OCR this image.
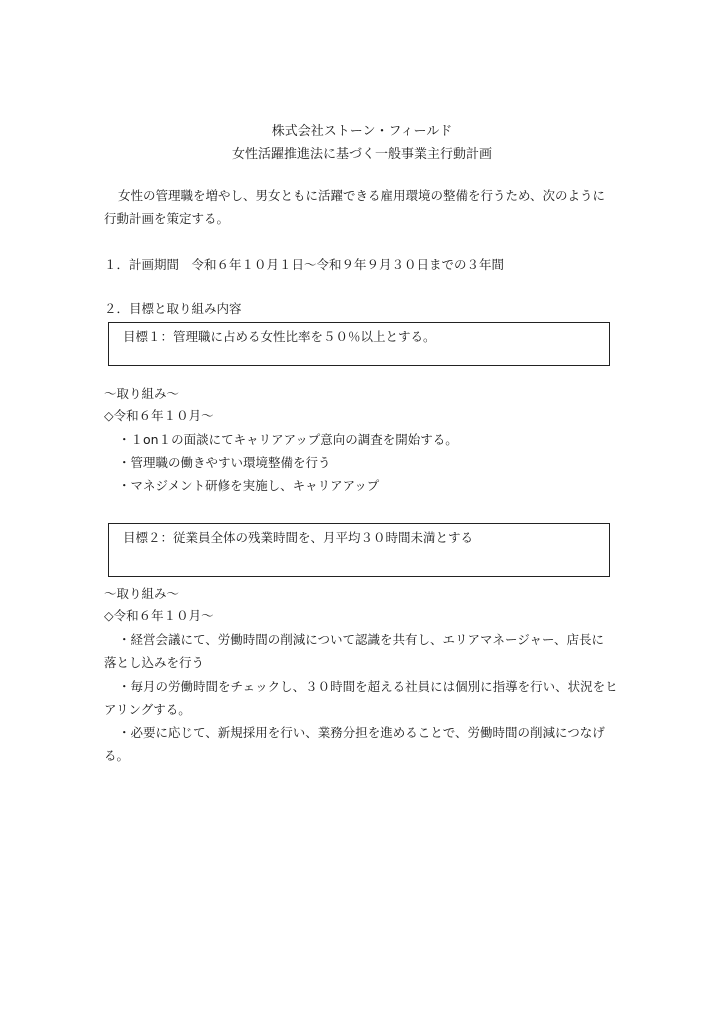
株式会社ストーン・フィールド
女性活躍推進法に基づく一般事業主行動計画
女性の管理職を増やし、男女ともに活躍できる雇用環境の整備を行うため、次のように
行動計画を策定する。
１．計画期間　令和６年１０月１日～令和９年９月３０日までの３年間
２．目標と取り組み内容
目標１：管理職に占める女性比率を５０％以上とする。
～取り組み～
◇令和６年１０月～
・１on１の面談にてキャリアアップ意向の調査を開始する。
・管理職の働きやすい環境整備を行う
・マネジメント研修を実施し、キャリアアップ
目標２：従業員全体の残業時間を、月平均３０時間未満とする
～取り組み～
◇令和６年１０月～
・経営会議にて、労働時間の削減について認識を共有し、エリアマネージャー、店長に
落とし込みを行う
・毎月の労働時間をチェックし、３０時間を超える社員には個別に指導を行い、状況をヒ
アリングする。
・必要に応じて、新規採用を行い、業務分担を進めることで、労働時間の削減につなげ
る。
